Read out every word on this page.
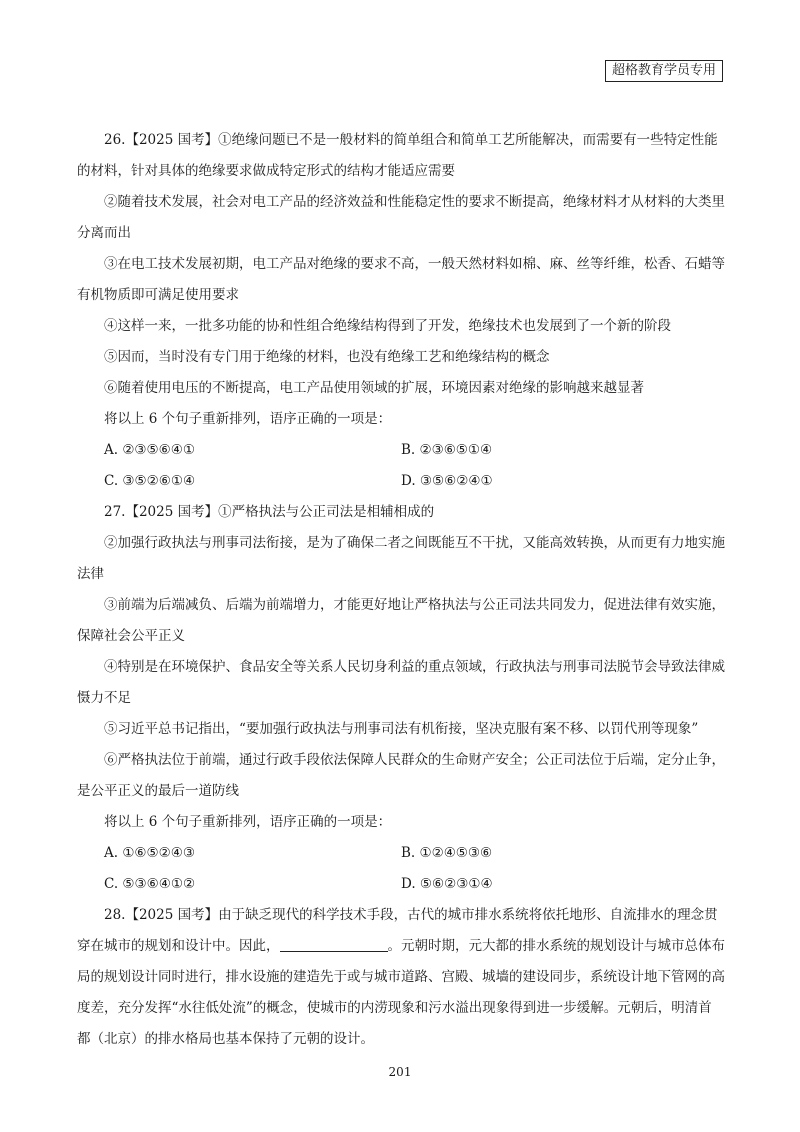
超格教育学员专用

26.【2025 国考】①绝缘问题已不是一般材料的简单组合和简单工艺所能解决，而需要有一些特定性能的材料，针对具体的绝缘要求做成特定形式的结构才能适应需要

②随着技术发展，社会对电工产品的经济效益和性能稳定性的要求不断提高，绝缘材料才从材料的大类里分离而出

③在电工技术发展初期，电工产品对绝缘的要求不高，一般天然材料如棉、麻、丝等纤维，松香、石蜡等有机物质即可满足使用要求

④这样一来，一批多功能的协和性组合绝缘结构得到了开发，绝缘技术也发展到了一个新的阶段

⑤因而，当时没有专门用于绝缘的材料，也没有绝缘工艺和绝缘结构的概念

⑥随着使用电压的不断提高，电工产品使用领域的扩展，环境因素对绝缘的影响越来越显著

将以上 6 个句子重新排列，语序正确的一项是：

A. ②③⑤⑥④①	B. ②③⑥⑤①④
C. ③⑤②⑥①④	D. ③⑤⑥②④①

27.【2025 国考】①严格执法与公正司法是相辅相成的

②加强行政执法与刑事司法衔接，是为了确保二者之间既能互不干扰，又能高效转换，从而更有力地实施法律

③前端为后端减负、后端为前端增力，才能更好地让严格执法与公正司法共同发力，促进法律有效实施，保障社会公平正义

④特别是在环境保护、食品安全等关系人民切身利益的重点领域，行政执法与刑事司法脱节会导致法律威慑力不足

⑤习近平总书记指出，“要加强行政执法与刑事司法有机衔接，坚决克服有案不移、以罚代刑等现象”

⑥严格执法位于前端，通过行政手段依法保障人民群众的生命财产安全；公正司法位于后端，定分止争，是公平正义的最后一道防线

将以上 6 个句子重新排列，语序正确的一项是：

A. ①⑥⑤②④③	B. ①②④⑤③⑥
C. ⑤③⑥④①②	D. ⑤⑥②③①④

28.【2025 国考】由于缺乏现代的科学技术手段，古代的城市排水系统将依托地形、自流排水的理念贯穿在城市的规划和设计中。因此，	。元朝时期，元大都的排水系统的规划设计与城市总体布局的规划设计同时进行，排水设施的建造先于或与城市道路、宫殿、城墙的建设同步，系统设计地下管网的高度差，充分发挥“水往低处流”的概念，使城市的内涝现象和污水溢出现象得到进一步缓解。元朝后，明清首都（北京）的排水格局也基本保持了元朝的设计。

201
